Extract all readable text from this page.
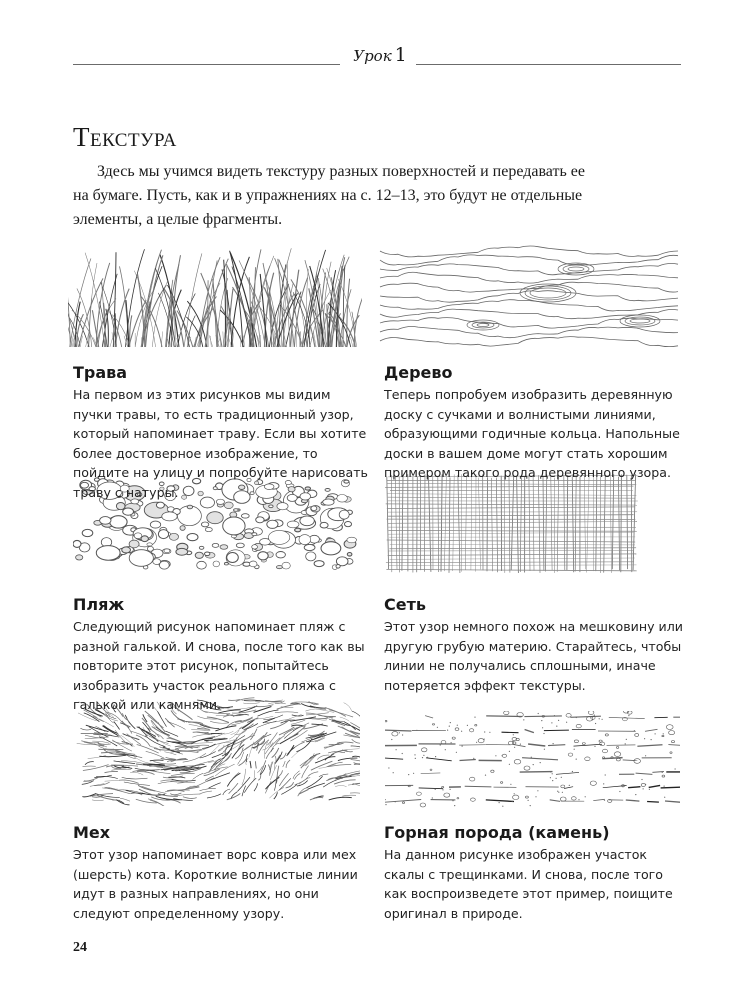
Урок 1
Текстура

Здесь мы учимся видеть текстуру разных поверхностей и передавать ее на бумаге. Пусть, как и в упражнениях на с. 12–13, это будут не отдельные элементы, а целые фрагменты.

Трава

На первом из этих рисунков мы видим пучки травы, то есть традиционный узор, который напоминает траву. Если вы хотите более достоверное изображение, то пойдите на улицу и попробуйте нарисовать траву с натуры.

Дерево

Теперь попробуем изобразить деревянную доску с сучками и волнистыми линиями, образующими годичные кольца. Напольные доски в вашем доме могут стать хорошим примером такого рода деревянного узора.

Пляж

Следующий рисунок напоминает пляж с разной галькой. И снова, после того как вы повторите этот рисунок, попытайтесь изобразить участок реального пляжа с галькой или камнями.

Сеть

Этот узор немного похож на мешковину или другую грубую материю. Старайтесь, чтобы линии не получались сплошными, иначе потеряется эффект текстуры.

Мех

Этот узор напоминает ворс ковра или мех (шерсть) кота. Короткие волнистые линии идут в разных направлениях, но они следуют определенному узору.

Горная порода (камень)

На данном рисунке изображен участок скалы с трещинками. И снова, после того как воспроизведете этот пример, поищите оригинал в природе.

24
